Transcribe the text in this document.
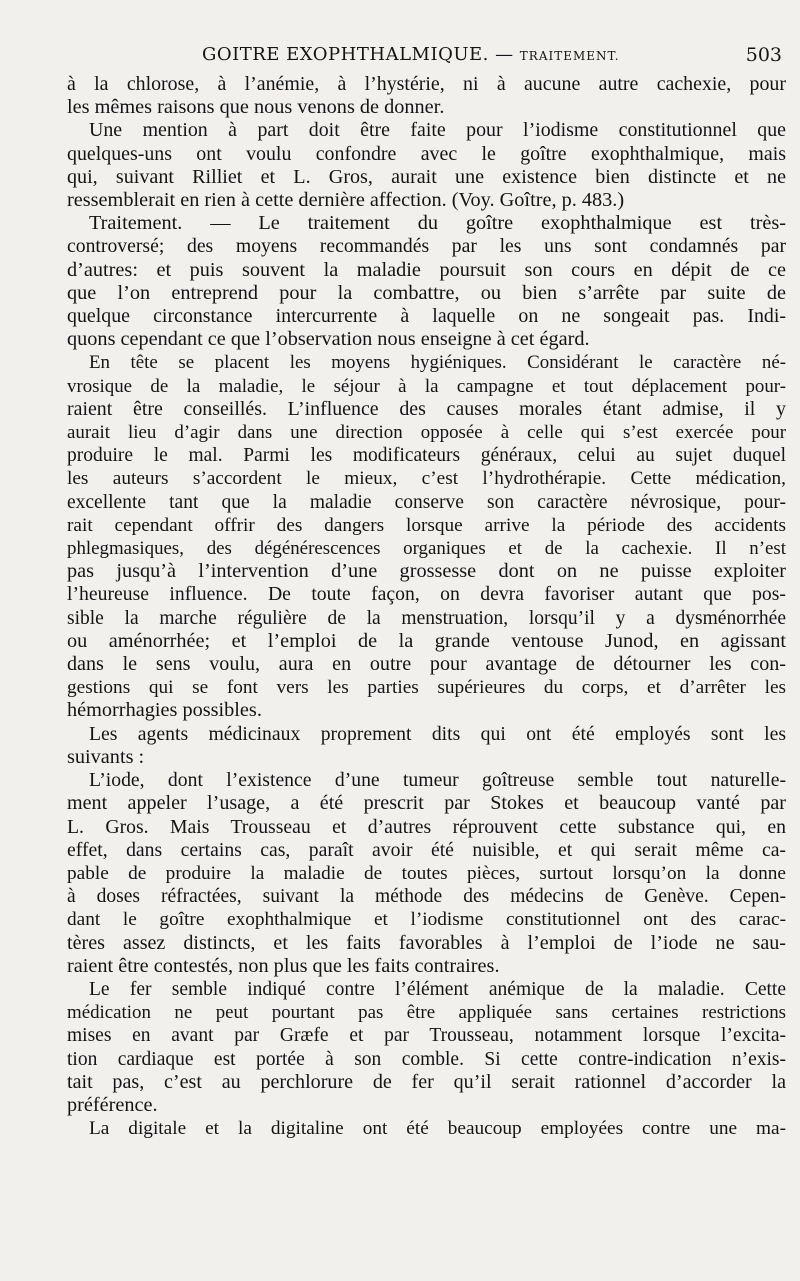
GOITRE EXOPHTHALMIQUE. — TRAITEMENT.	503
à la chlorose, à l’anémie, à l’hystérie, ni à aucune autre cachexie, pour
les mêmes raisons que nous venons de donner.
Une mention à part doit être faite pour l’iodisme constitutionnel que
quelques-uns ont voulu confondre avec le goître exophthalmique, mais
qui, suivant Rilliet et L. Gros, aurait une existence bien distincte et ne
ressemblerait en rien à cette dernière affection. (Voy. Goître, p. 483.)
Traitement. — Le traitement du goître exophthalmique est très-
controversé; des moyens recommandés par les uns sont condamnés par
d’autres: et puis souvent la maladie poursuit son cours en dépit de ce
que l’on entreprend pour la combattre, ou bien s’arrête par suite de
quelque circonstance intercurrente à laquelle on ne songeait pas. Indi-
quons cependant ce que l’observation nous enseigne à cet égard.
En tête se placent les moyens hygiéniques. Considérant le caractère né-
vrosique de la maladie, le séjour à la campagne et tout déplacement pour-
raient être conseillés. L’influence des causes morales étant admise, il y
aurait lieu d’agir dans une direction opposée à celle qui s’est exercée pour
produire le mal. Parmi les modificateurs généraux, celui au sujet duquel
les auteurs s’accordent le mieux, c’est l’hydrothérapie. Cette médication,
excellente tant que la maladie conserve son caractère névrosique, pour-
rait cependant offrir des dangers lorsque arrive la période des accidents
phlegmasiques, des dégénérescences organiques et de la cachexie. Il n’est
pas jusqu’à l’intervention d’une grossesse dont on ne puisse exploiter
l’heureuse influence. De toute façon, on devra favoriser autant que pos-
sible la marche régulière de la menstruation, lorsqu’il y a dysménorrhée
ou aménorrhée; et l’emploi de la grande ventouse Junod, en agissant
dans le sens voulu, aura en outre pour avantage de détourner les con-
gestions qui se font vers les parties supérieures du corps, et d’arrêter les
hémorrhagies possibles.
Les agents médicinaux proprement dits qui ont été employés sont les
suivants :
L’iode, dont l’existence d’une tumeur goîtreuse semble tout naturelle-
ment appeler l’usage, a été prescrit par Stokes et beaucoup vanté par
L. Gros. Mais Trousseau et d’autres réprouvent cette substance qui, en
effet, dans certains cas, paraît avoir été nuisible, et qui serait même ca-
pable de produire la maladie de toutes pièces, surtout lorsqu’on la donne
à doses réfractées, suivant la méthode des médecins de Genève. Cepen-
dant le goître exophthalmique et l’iodisme constitutionnel ont des carac-
tères assez distincts, et les faits favorables à l’emploi de l’iode ne sau-
raient être contestés, non plus que les faits contraires.
Le fer semble indiqué contre l’élément anémique de la maladie. Cette
médication ne peut pourtant pas être appliquée sans certaines restrictions
mises en avant par Græfe et par Trousseau, notamment lorsque l’excita-
tion cardiaque est portée à son comble. Si cette contre-indication n’exis-
tait pas, c’est au perchlorure de fer qu’il serait rationnel d’accorder la
préférence.
La digitale et la digitaline ont été beaucoup employées contre une ma-
